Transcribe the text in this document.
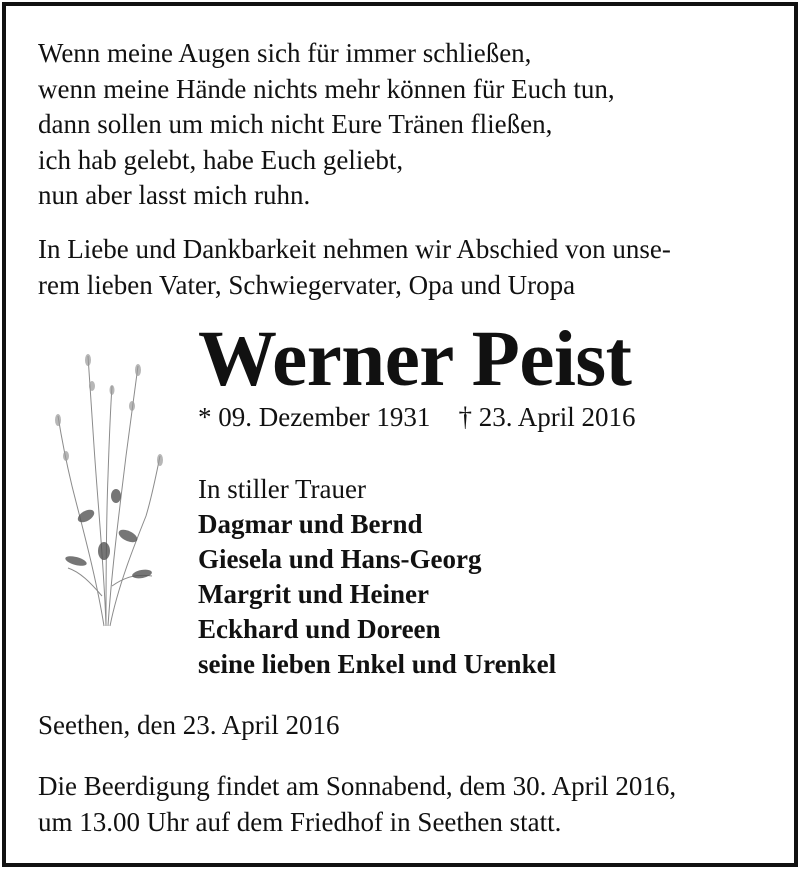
Wenn meine Augen sich für immer schließen,
wenn meine Hände nichts mehr können für Euch tun,
dann sollen um mich nicht Eure Tränen fließen,
ich hab gelebt, habe Euch geliebt,
nun aber lasst mich ruhn.
In Liebe und Dankbarkeit nehmen wir Abschied von unse-
rem lieben Vater, Schwiegervater, Opa und Uropa
Werner Peist
* 09. Dezember 1931 † 23. April 2016
In stiller Trauer
Dagmar und Bernd
Giesela und Hans-Georg
Margrit und Heiner
Eckhard und Doreen
seine lieben Enkel und Urenkel
Seethen, den 23. April 2016
Die Beerdigung findet am Sonnabend, dem 30. April 2016,
um 13.00 Uhr auf dem Friedhof in Seethen statt.
